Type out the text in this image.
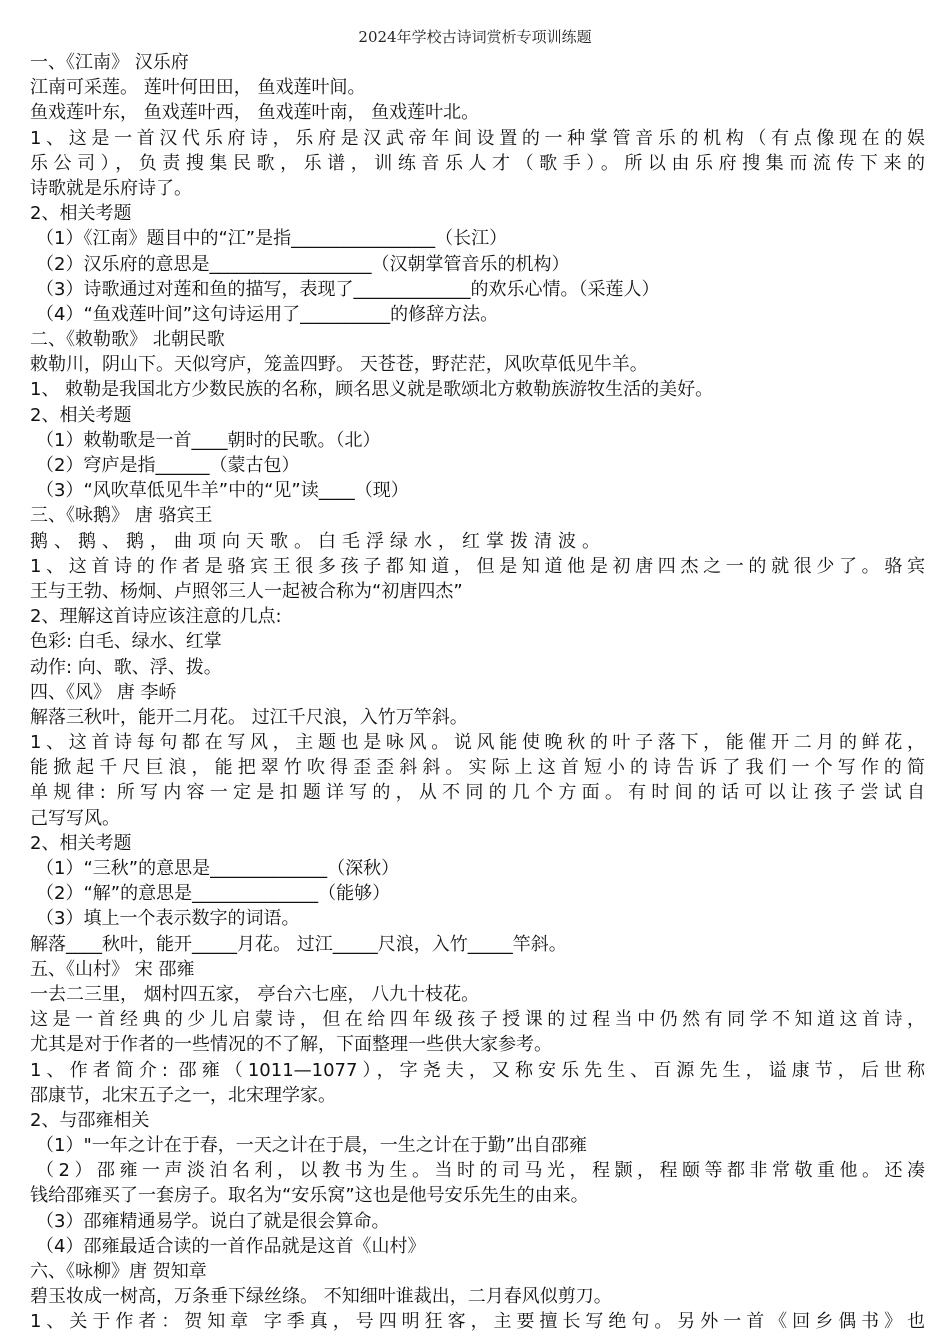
2024年学校古诗词赏析专项训练题
一、《江南》 汉乐府
江南可采莲。 莲叶何田田， 鱼戏莲叶间。
鱼戏莲叶东， 鱼戏莲叶西， 鱼戏莲叶南， 鱼戏莲叶北。
1、这是一首汉代乐府诗，乐府是汉武帝年间设置的一种掌管音乐的机构（有点像现在的娱
乐公司），负责搜集民歌，乐谱，训练音乐人才（歌手）。所以由乐府搜集而流传下来的
诗歌就是乐府诗了。
2、相关考题
（1）《江南》题目中的“江”是指________________（长江）
（2）汉乐府的意思是__________________（汉朝掌管音乐的机构）
（3）诗歌通过对莲和鱼的描写，表现了_____________的欢乐心情。（采莲人）
（4）“鱼戏莲叶间”这句诗运用了__________的修辞方法。
二、《敕勒歌》 北朝民歌
敕勒川，阴山下。天似穹庐，笼盖四野。 天苍苍，野茫茫，风吹草低见牛羊。
1、 敕勒是我国北方少数民族的名称，顾名思义就是歌颂北方敕勒族游牧生活的美好。
2、相关考题
（1）敕勒歌是一首____朝时的民歌。（北）
（2）穹庐是指______（蒙古包）
（3）“风吹草低见牛羊”中的“见”读____（现）
三、《咏鹅》 唐 骆宾王
鹅、鹅、鹅，曲项向天歌。白毛浮绿水，红掌拨清波。
1、这首诗的作者是骆宾王很多孩子都知道，但是知道他是初唐四杰之一的就很少了。骆宾
王与王勃、杨炯、卢照邻三人一起被合称为“初唐四杰”
2、理解这首诗应该注意的几点:
色彩: 白毛、绿水、红掌
动作: 向、歌、浮、拨。
四、《风》 唐 李峤
解落三秋叶，能开二月花。 过江千尺浪，入竹万竿斜。
1、这首诗每句都在写风，主题也是咏风。说风能使晚秋的叶子落下，能催开二月的鲜花，
能掀起千尺巨浪，能把翠竹吹得歪歪斜斜。实际上这首短小的诗告诉了我们一个写作的简
单规律: 所写内容一定是扣题详写的，从不同的几个方面。有时间的话可以让孩子尝试自
己写写风。
2、相关考题
（1）“三秋”的意思是_____________（深秋）
（2）“解”的意思是______________（能够）
（3）填上一个表示数字的词语。
解落____秋叶，能开_____月花。 过江_____尺浪，入竹_____竿斜。
五、《山村》 宋 邵雍
一去二三里， 烟村四五家， 亭台六七座， 八九十枝花。
这是一首经典的少儿启蒙诗，但在给四年级孩子授课的过程当中仍然有同学不知道这首诗，
尤其是对于作者的一些情况的不了解，下面整理一些供大家参考。
1、作者简介: 邵雍（1011—1077），字尧夫，又称安乐先生、百源先生，谥康节，后世称
邵康节，北宋五子之一，北宋理学家。
2、与邵雍相关
（1）"一年之计在于春，一天之计在于晨，一生之计在于勤”出自邵雍
（2）邵雍一声淡泊名利，以教书为生。当时的司马光，程颢，程颐等都非常敬重他。还凑
钱给邵雍买了一套房子。取名为“安乐窝”这也是他号安乐先生的由来。
（3）邵雍精通易学。说白了就是很会算命。
（4）邵雍最适合读的一首作品就是这首《山村》
六、《咏柳》唐 贺知章
碧玉妆成一树高，万条垂下绿丝绦。 不知细叶谁裁出，二月春风似剪刀。
1、关于作者：贺知章 字季真，号四明狂客，主要擅长写绝句。另外一首《回乡偶书》也
